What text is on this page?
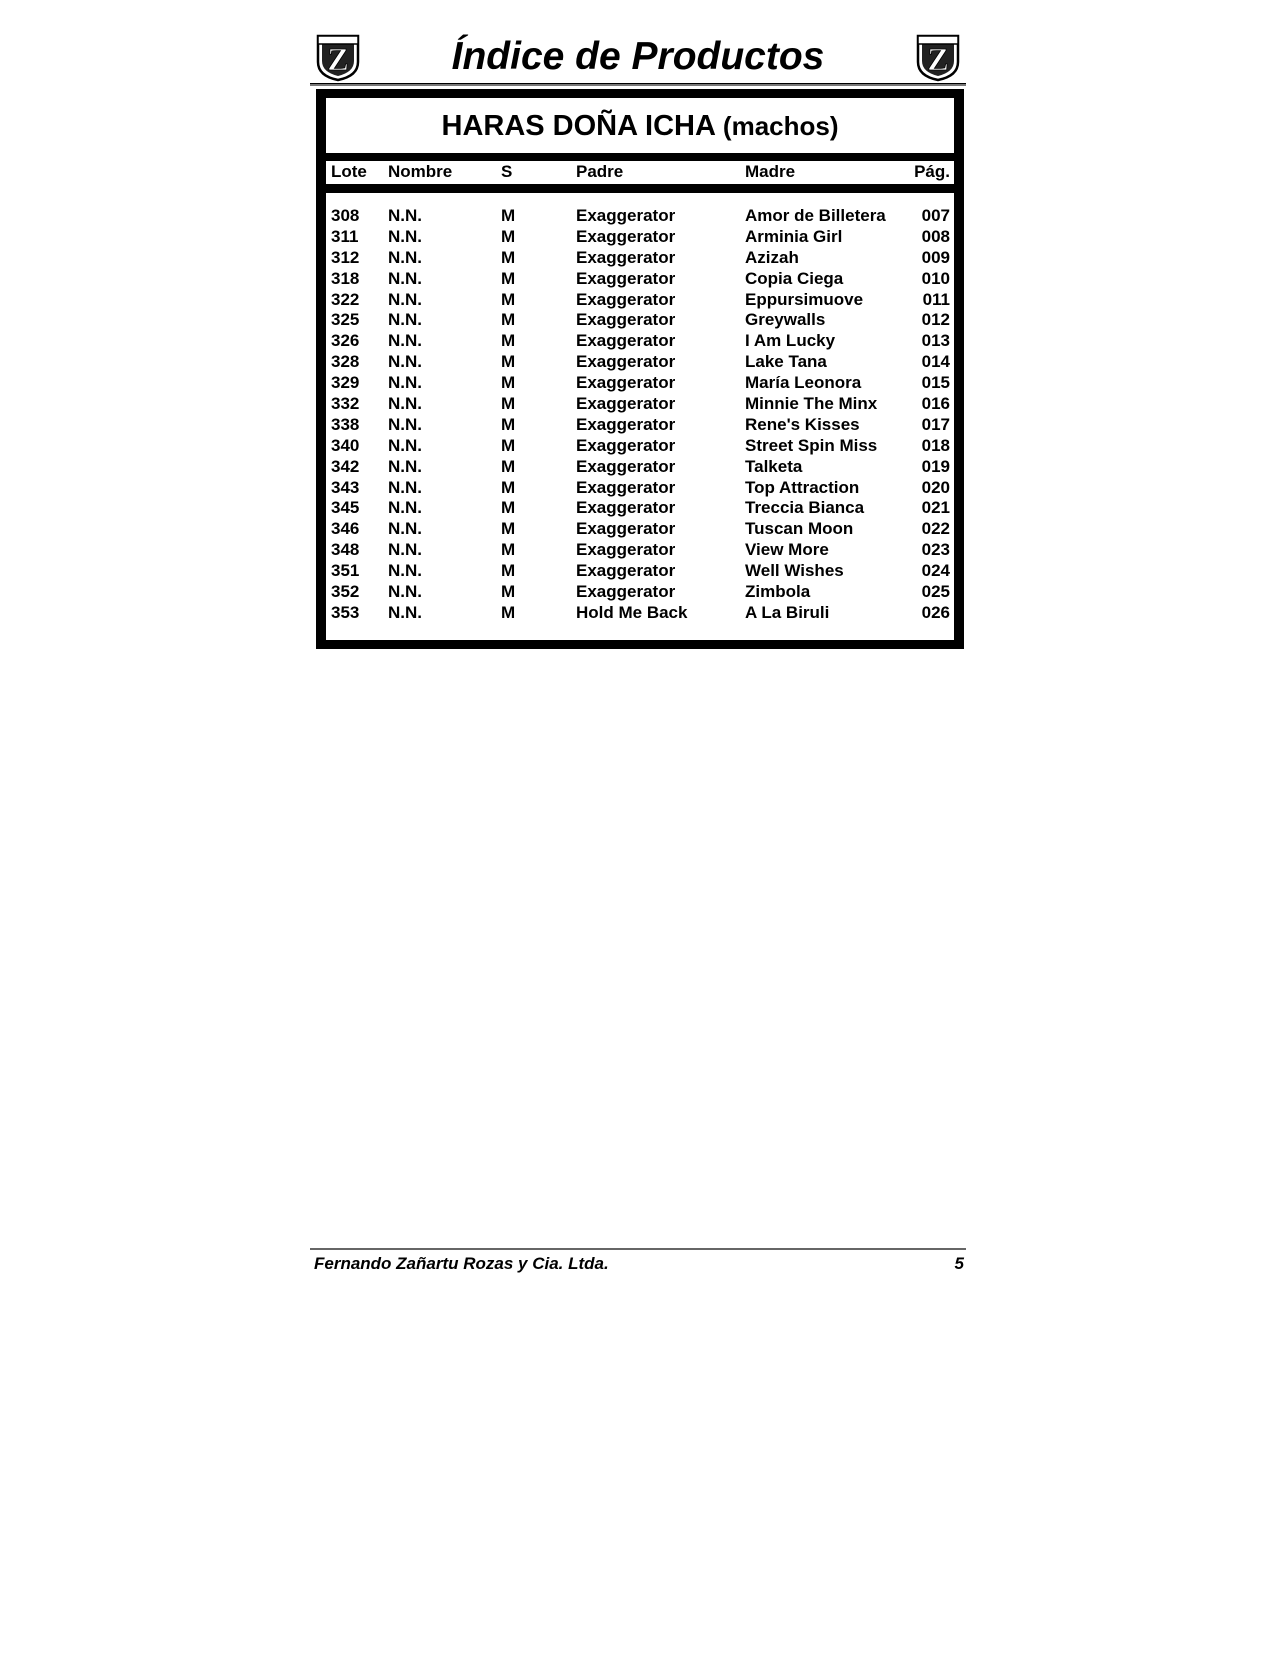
Z	Índice de Productos	Z
HARAS DOÑA ICHA (machos)
Lote Nombre	S	Padre	Madre	Pág.
308 N.N.	M	Exaggerator	Amor de Billetera 007
311 N.N.	M	Exaggerator	Arminia Girl	008
312 N.N.	M	Exaggerator	Azizah	009
318 N.N.	M	Exaggerator	Copia Ciega	010
322 N.N.	M	Exaggerator	Eppursimuove	011
325 N.N.	M	Exaggerator	Greywalls	012
326 N.N.	M	Exaggerator	I Am Lucky	013
328 N.N.	M	Exaggerator	Lake Tana	014
329 N.N.	M	Exaggerator	María Leonora	015
332 N.N.	M	Exaggerator	Minnie The Minx	016
338 N.N.	M	Exaggerator	Rene's Kisses	017
340 N.N.	M	Exaggerator	Street Spin Miss	018
342 N.N.	M	Exaggerator	Talketa	019
343 N.N.	M	Exaggerator	Top Attraction	020
345 N.N.	M	Exaggerator	Treccia Bianca	021
346 N.N.	M	Exaggerator	Tuscan Moon	022
348 N.N.	M	Exaggerator	View More	023
351 N.N.	M	Exaggerator	Well Wishes	024
352 N.N.	M	Exaggerator	Zimbola	025
353 N.N.	M	Hold Me Back	A La Biruli	026
Fernando Zañartu Rozas y Cia. Ltda.	5
